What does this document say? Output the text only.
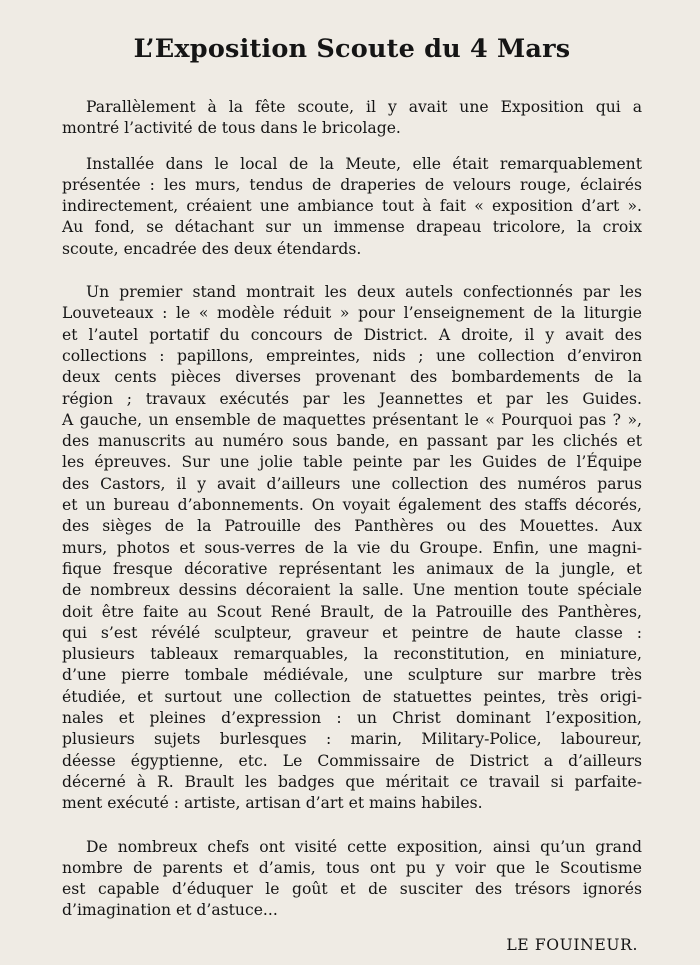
L’Exposition Scoute du 4 Mars
Parallèlement à la fête scoute, il y avait une Exposition qui a
montré l’activité de tous dans le bricolage.
Installée dans le local de la Meute, elle était remarquablement
présentée : les murs, tendus de draperies de velours rouge, éclairés
indirectement, créaient une ambiance tout à fait « exposition d’art ».
Au fond, se détachant sur un immense drapeau tricolore, la croix
scoute, encadrée des deux étendards.
Un premier stand montrait les deux autels confectionnés par les
Louveteaux : le « modèle réduit » pour l’enseignement de la liturgie
et l’autel portatif du concours de District. A droite, il y avait des
collections : papillons, empreintes, nids ; une collection d’environ
deux cents pièces diverses provenant des bombardements de la
région ; travaux exécutés par les Jeannettes et par les Guides.
A gauche, un ensemble de maquettes présentant le « Pourquoi pas ? »,
des manuscrits au numéro sous bande, en passant par les clichés et
les épreuves. Sur une jolie table peinte par les Guides de l’Équipe
des Castors, il y avait d’ailleurs une collection des numéros parus
et un bureau d’abonnements. On voyait également des staffs décorés,
des sièges de la Patrouille des Panthères ou des Mouettes. Aux
murs, photos et sous-verres de la vie du Groupe. Enfin, une magni-
fique fresque décorative représentant les animaux de la jungle, et
de nombreux dessins décoraient la salle. Une mention toute spéciale
doit être faite au Scout René Brault, de la Patrouille des Panthères,
qui s’est révélé sculpteur, graveur et peintre de haute classe :
plusieurs tableaux remarquables, la reconstitution, en miniature,
d’une pierre tombale médiévale, une sculpture sur marbre très
étudiée, et surtout une collection de statuettes peintes, très origi-
nales et pleines d’expression : un Christ dominant l’exposition,
plusieurs sujets burlesques : marin, Military-Police, laboureur,
déesse égyptienne, etc. Le Commissaire de District a d’ailleurs
décerné à R. Brault les badges que méritait ce travail si parfaite-
ment exécuté : artiste, artisan d’art et mains habiles.
De nombreux chefs ont visité cette exposition, ainsi qu’un grand
nombre de parents et d’amis, tous ont pu y voir que le Scoutisme
est capable d’éduquer le goût et de susciter des trésors ignorés
d’imagination et d’astuce...
LE FOUINEUR.
